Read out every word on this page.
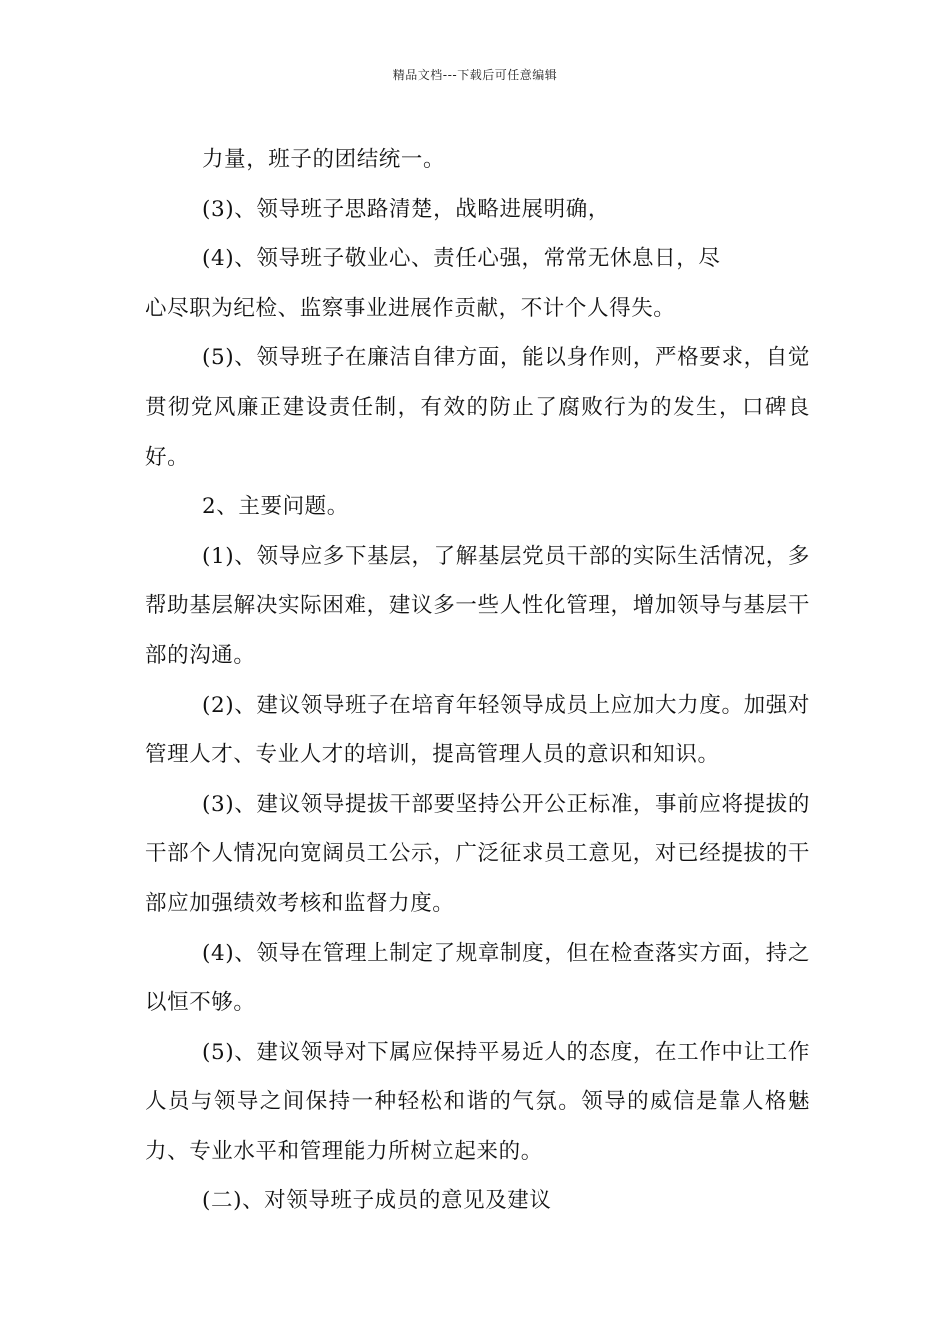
精品文档---下载后可任意编辑

力量，班子的团结统一。

(3)、领导班子思路清楚，战略进展明确，

(4)、领导班子敬业心、责任心强，常常无休息日，尽

心尽职为纪检、监察事业进展作贡献，不计个人得失。

(5)、领导班子在廉洁自律方面，能以身作则，严格要求，自觉贯彻党风廉正建设责任制，有效的防止了腐败行为的发生，口碑良好。

2、主要问题。

(1)、领导应多下基层，了解基层党员干部的实际生活情况，多帮助基层解决实际困难，建议多一些人性化管理，增加领导与基层干部的沟通。

(2)、建议领导班子在培育年轻领导成员上应加大力度。加强对管理人才、专业人才的培训，提高管理人员的意识和知识。

(3)、建议领导提拔干部要坚持公开公正标准，事前应将提拔的干部个人情况向宽阔员工公示，广泛征求员工意见，对已经提拔的干部应加强绩效考核和监督力度。

(4)、领导在管理上制定了规章制度，但在检查落实方面，持之以恒不够。

(5)、建议领导对下属应保持平易近人的态度，在工作中让工作人员与领导之间保持一种轻松和谐的气氛。领导的威信是靠人格魅力、专业水平和管理能力所树立起来的。

(二)、对领导班子成员的意见及建议
